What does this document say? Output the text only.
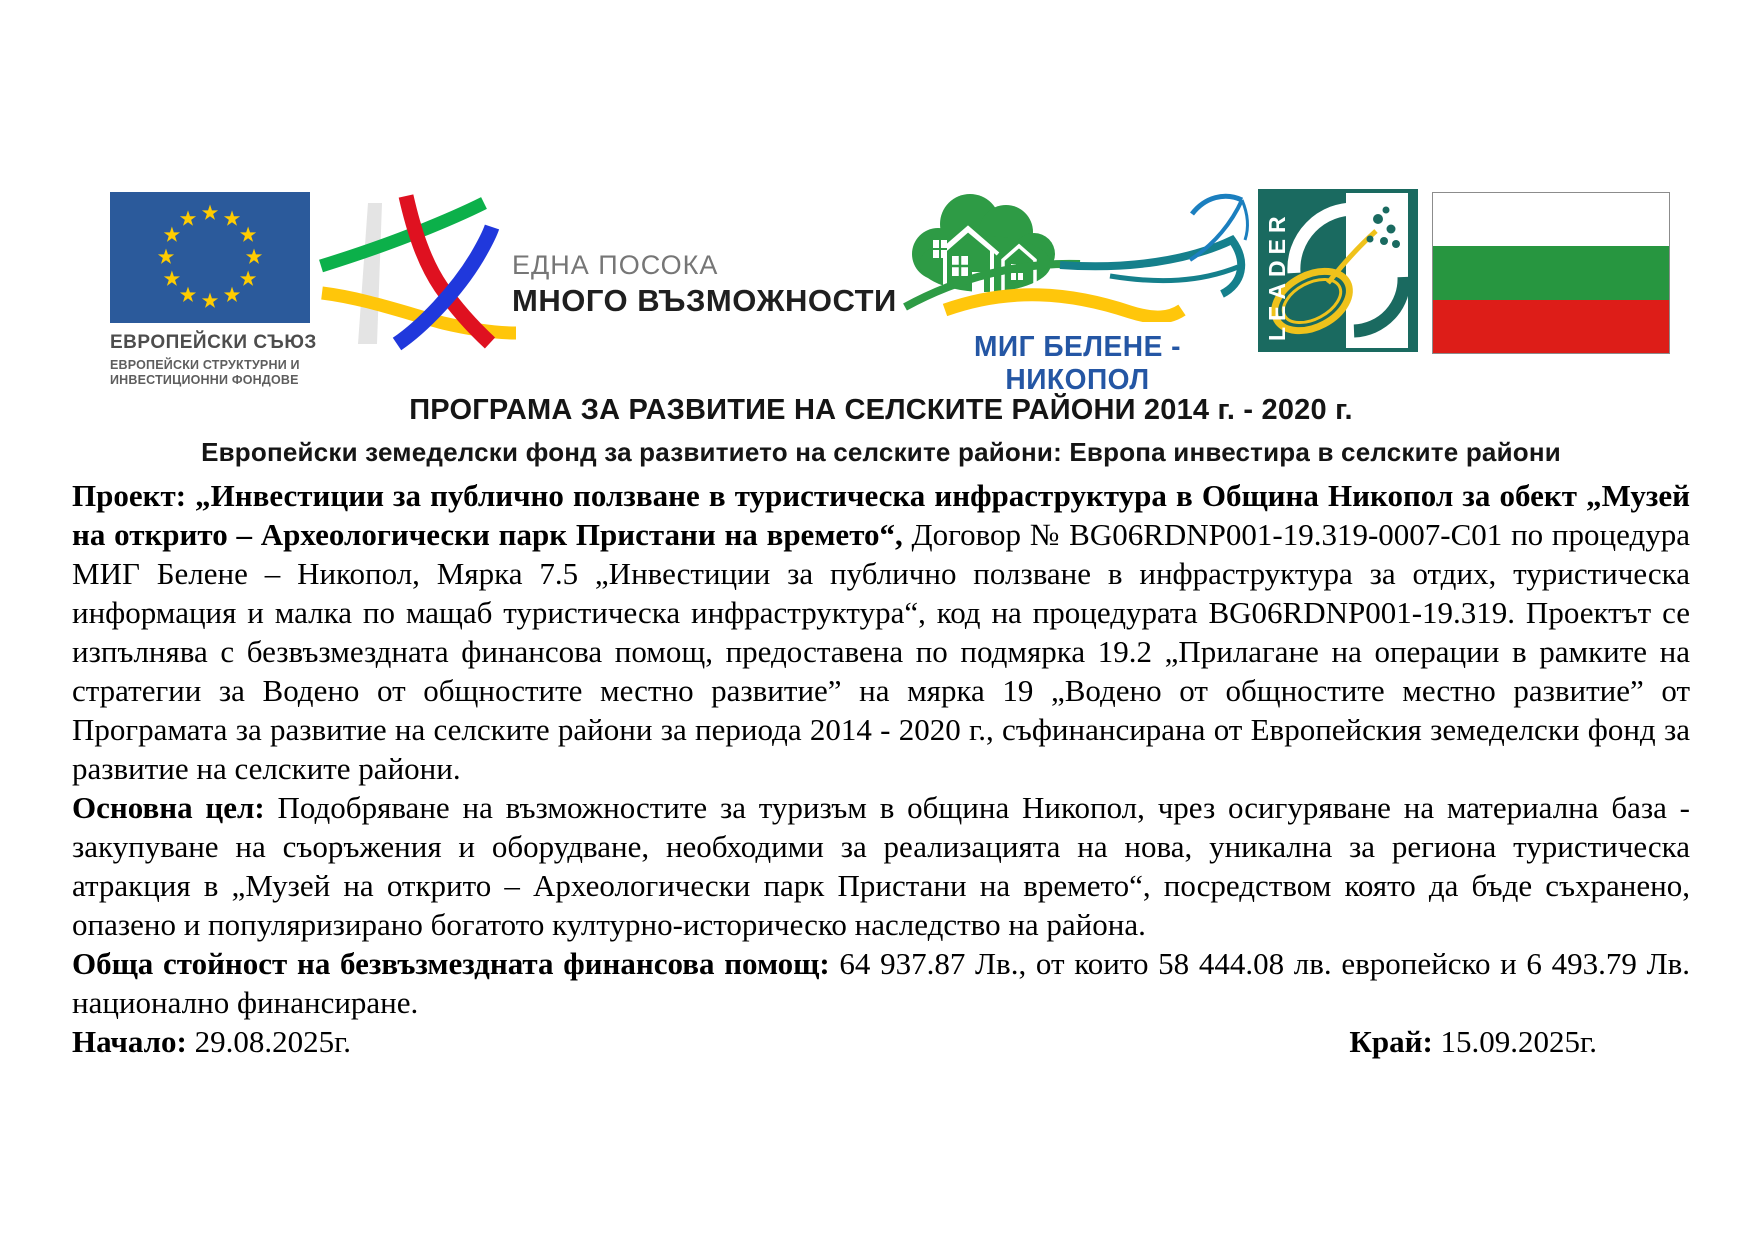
ЕВРОПЕЙСКИ СЪЮЗ
ЕВРОПЕЙСКИ СТРУКТУРНИ И
ИНВЕСТИЦИОННИ ФОНДОВЕ
ЕДНА ПОСОКА
МНОГО ВЪЗМОЖНОСТИ
МИГ БЕЛЕНЕ - НИКОПОЛ
LEADER
ПРОГРАМА ЗА РАЗВИТИЕ НА СЕЛСКИТЕ РАЙОНИ 2014 г. - 2020 г.
Европейски земеделски фонд за развитието на селските райони: Европа инвестира в селските райони

Проект: „Инвестиции за публично ползване в туристическа инфраструктура в Община Никопол за обект „Музей на открито – Археологически парк Пристани на времето“, Договор № BG06RDNP001-19.319-0007-C01 по процедура МИГ Белене – Никопол, Мярка 7.5 „Инвестиции за публично ползване в инфраструктура за отдих, туристическа информация и малка по мащаб туристическа инфраструктура“, код на процедурата BG06RDNP001-19.319. Проектът се изпълнява с безвъзмездната финансова помощ, предоставена по подмярка 19.2 „Прилагане на операции в рамките на стратегии за Водено от общностите местно развитие” на мярка 19 „Водено от общностите местно развитие” от Програмата за развитие на селските райони за периода 2014 - 2020 г., съфинансирана от Европейския земеделски фонд за развитие на селските райони.

Основна цел: Подобряване на възможностите за туризъм в община Никопол, чрез осигуряване на материална база - закупуване на съоръжения и оборудване, необходими за реализацията на нова, уникална за региона туристическа атракция в „Музей на открито – Археологически парк Пристани на времето“, посредством която да бъде съхранено, опазено и популяризирано богатото културно-историческо наследство на района.

Обща стойност на безвъзмездната финансова помощ: 64 937.87 Лв., от които 58 444.08 лв. европейско и 6 493.79 Лв. национално финансиране.

Начало: 29.08.2025г.	Край: 15.09.2025г.
